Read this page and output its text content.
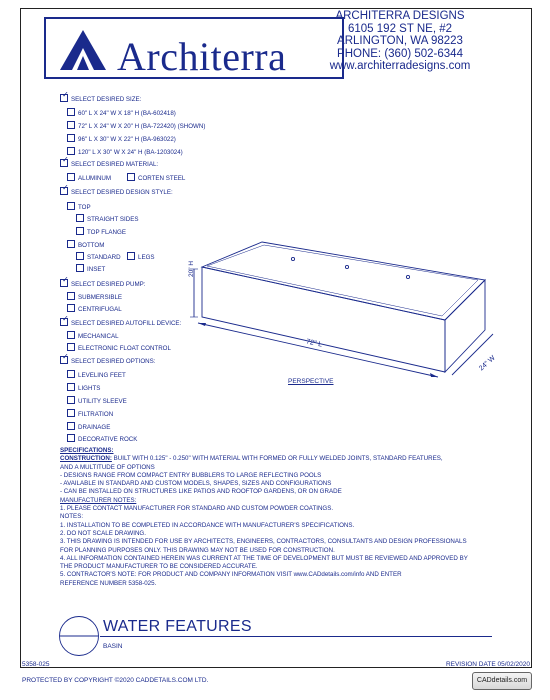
Architerra
ARCHITERRA DESIGNS
6105 192 ST NE, #2
ARLINGTON, WA 98223
PHONE: (360) 502-6344
www.architerradesigns.com
✓
SELECT DESIRED SIZE:
60" L X 24" W X 18" H (BA-602418)
72" L X 24" W X 20" H (BA-722420) (SHOWN)
96" L X 30" W X 22" H (BA-963022)
120" L X 30" W X 24" H (BA-1203024)
✓
SELECT DESIRED MATERIAL:
ALUMINUM	CORTEN STEEL
✓
SELECT DESIRED DESIGN STYLE:
TOP
STRAIGHT SIDES
TOP FLANGE
BOTTOM
STANDARD	LEGS
INSET
✓
SELECT DESIRED PUMP:
SUBMERSIBLE
CENTRIFUGAL
✓
SELECT DESIRED AUTOFILL DEVICE:
MECHANICAL
ELECTRONIC FLOAT CONTROL
✓
SELECT DESIRED OPTIONS:
LEVELING FEET
LIGHTS
UTILITY SLEEVE
FILTRATION
DRAINAGE
DECORATIVE ROCK
20" H
72" L
24" W
PERSPECTIVE
SPECIFICATIONS:
CONSTRUCTION: BUILT WITH 0.125" - 0.250" WITH MATERIAL WITH FORMED OR FULLY WELDED JOINTS, STANDARD FEATURES,
AND A MULTITUDE OF OPTIONS
- DESIGNS RANGE FROM COMPACT ENTRY BUBBLERS TO LARGE REFLECTING POOLS
- AVAILABLE IN STANDARD AND CUSTOM MODELS, SHAPES, SIZES AND CONFIGURATIONS
- CAN BE INSTALLED ON STRUCTURES LIKE PATIOS AND ROOFTOP GARDENS, OR ON GRADE
MANUFACTURER NOTES:
1. PLEASE CONTACT MANUFACTURER FOR STANDARD AND CUSTOM POWDER COATINGS.
NOTES:
1. INSTALLATION TO BE COMPLETED IN ACCORDANCE WITH MANUFACTURER'S SPECIFICATIONS.
2. DO NOT SCALE DRAWING.
3. THIS DRAWING IS INTENDED FOR USE BY ARCHITECTS, ENGINEERS, CONTRACTORS, CONSULTANTS AND DESIGN PROFESSIONALS
FOR PLANNING PURPOSES ONLY. THIS DRAWING MAY NOT BE USED FOR CONSTRUCTION.
4. ALL INFORMATION CONTAINED HEREIN WAS CURRENT AT THE TIME OF DEVELOPMENT BUT MUST BE REVIEWED AND APPROVED BY
THE PRODUCT MANUFACTURER TO BE CONSIDERED ACCURATE.
5. CONTRACTOR'S NOTE: FOR PRODUCT AND COMPANY INFORMATION VISIT www.CADdetails.com/info AND ENTER
REFERENCE NUMBER 5358-025.
WATER FEATURES
BASIN
5358-025	REVISION DATE 05/02/2020
PROTECTED BY COPYRIGHT ©2020 CADDETAILS.COM LTD.	CADdetails.com
